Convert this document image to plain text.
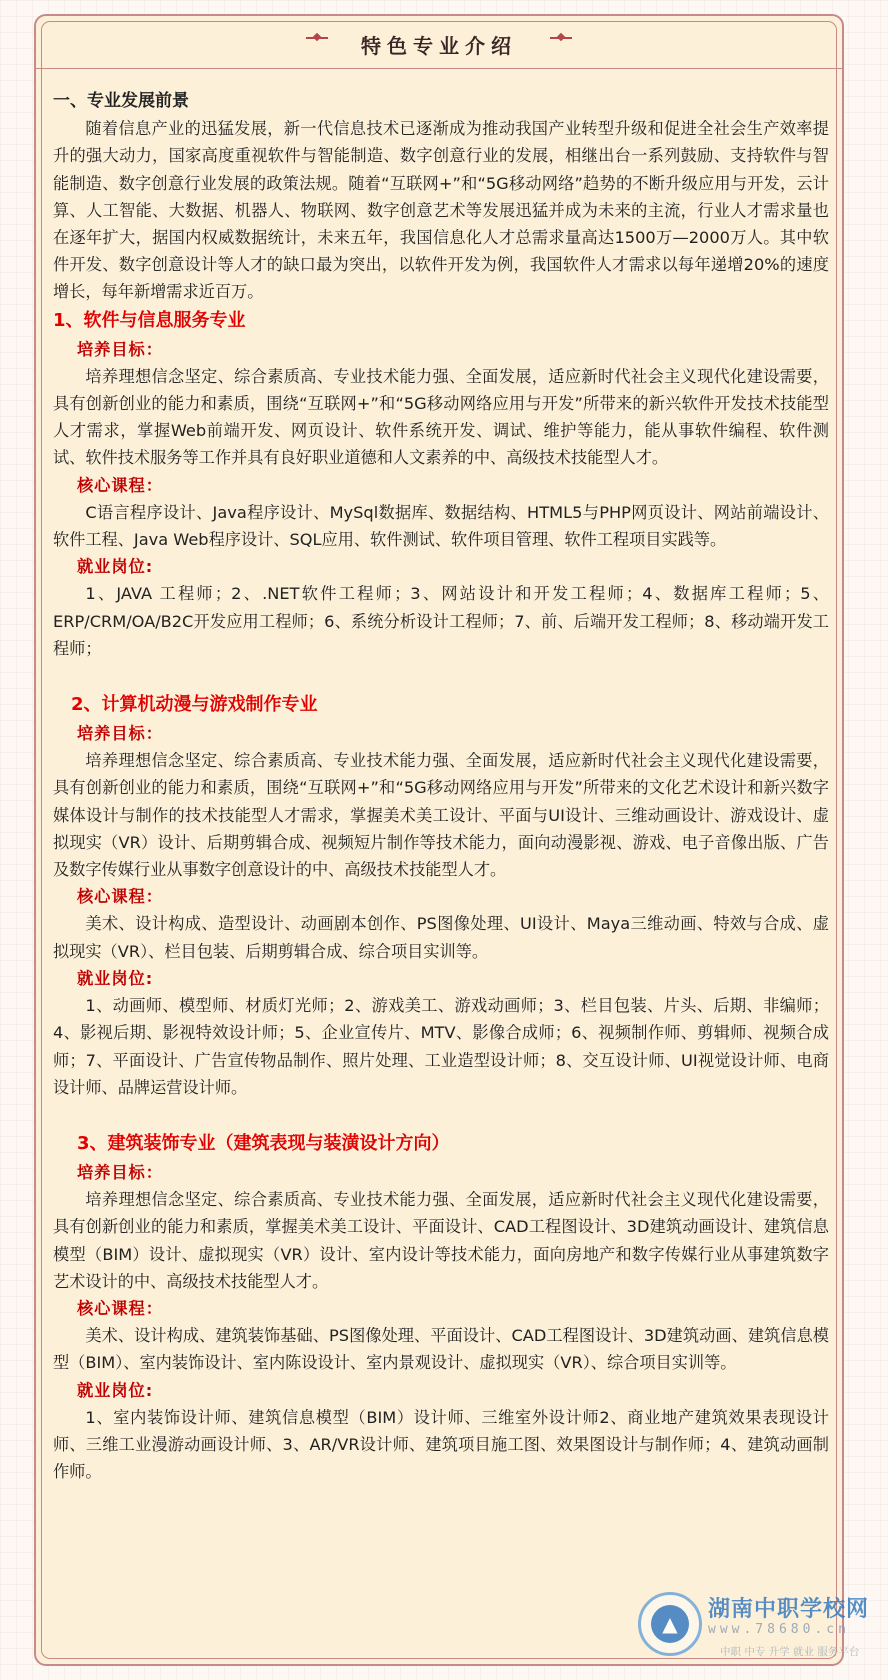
特色专业介绍

一、专业发展前景

随着信息产业的迅猛发展，新一代信息技术已逐渐成为推动我国产业转型升级和促进全社会生产效率提升的强大动力，国家高度重视软件与智能制造、数字创意行业的发展，相继出台一系列鼓励、支持软件与智能制造、数字创意行业发展的政策法规。随着“互联网+”和“5G移动网络”趋势的不断升级应用与开发，云计算、人工智能、大数据、机器人、物联网、数字创意艺术等发展迅猛并成为未来的主流，行业人才需求量也在逐年扩大，据国内权威数据统计，未来五年，我国信息化人才总需求量高达1500万—2000万人。其中软件开发、数字创意设计等人才的缺口最为突出，以软件开发为例，我国软件人才需求以每年递增20%的速度增长，每年新增需求近百万。

1、软件与信息服务专业

培养目标：

培养理想信念坚定、综合素质高、专业技术能力强、全面发展，适应新时代社会主义现代化建设需要，具有创新创业的能力和素质，围绕“互联网+”和“5G移动网络应用与开发”所带来的新兴软件开发技术技能型人才需求，掌握Web前端开发、网页设计、软件系统开发、调试、维护等能力，能从事软件编程、软件测试、软件技术服务等工作并具有良好职业道德和人文素养的中、高级技术技能型人才。

核心课程：

C语言程序设计、Java程序设计、MySql数据库、数据结构、HTML5与PHP网页设计、网站前端设计、软件工程、Java Web程序设计、SQL应用、软件测试、软件项目管理、软件工程项目实践等。

就业岗位:

1、JAVA 工程师；2、.NET软件工程师；3、网站设计和开发工程师；4、数据库工程师；5、ERP/CRM/OA/B2C开发应用工程师；6、系统分析设计工程师；7、前、后端开发工程师；8、移动端开发工程师；

2、计算机动漫与游戏制作专业

培养目标：

培养理想信念坚定、综合素质高、专业技术能力强、全面发展，适应新时代社会主义现代化建设需要，具有创新创业的能力和素质，围绕“互联网+”和“5G移动网络应用与开发”所带来的文化艺术设计和新兴数字媒体设计与制作的技术技能型人才需求，掌握美术美工设计、平面与UI设计、三维动画设计、游戏设计、虚拟现实（VR）设计、后期剪辑合成、视频短片制作等技术能力，面向动漫影视、游戏、电子音像出版、广告及数字传媒行业从事数字创意设计的中、高级技术技能型人才。

核心课程：

美术、设计构成、造型设计、动画剧本创作、PS图像处理、UI设计、Maya三维动画、特效与合成、虚拟现实（VR）、栏目包装、后期剪辑合成、综合项目实训等。

就业岗位:

1、动画师、模型师、材质灯光师；2、游戏美工、游戏动画师；3、栏目包装、片头、后期、非编师；4、影视后期、影视特效设计师；5、企业宣传片、MTV、影像合成师；6、视频制作师、剪辑师、视频合成师；7、平面设计、广告宣传物品制作、照片处理、工业造型设计师；8、交互设计师、UI视觉设计师、电商设计师、品牌运营设计师。

3、建筑装饰专业（建筑表现与装潢设计方向）

培养目标：

培养理想信念坚定、综合素质高、专业技术能力强、全面发展，适应新时代社会主义现代化建设需要，具有创新创业的能力和素质，掌握美术美工设计、平面设计、CAD工程图设计、3D建筑动画设计、建筑信息模型（BIM）设计、虚拟现实（VR）设计、室内设计等技术能力，面向房地产和数字传媒行业从事建筑数字艺术设计的中、高级技术技能型人才。

核心课程：

美术、设计构成、建筑装饰基础、PS图像处理、平面设计、CAD工程图设计、3D建筑动画、建筑信息模型（BIM）、室内装饰设计、室内陈设设计、室内景观设计、虚拟现实（VR）、综合项目实训等。

就业岗位:

1、室内装饰设计师、建筑信息模型（BIM）设计师、三维室外设计师2、商业地产建筑效果表现设计师、三维工业漫游动画设计师、3、AR/VR设计师、建筑项目施工图、效果图设计与制作师；4、建筑动画制作师。

▲
湖南中职学校网
www.78680.cn
中职 中专 升学 就业 服务平台
